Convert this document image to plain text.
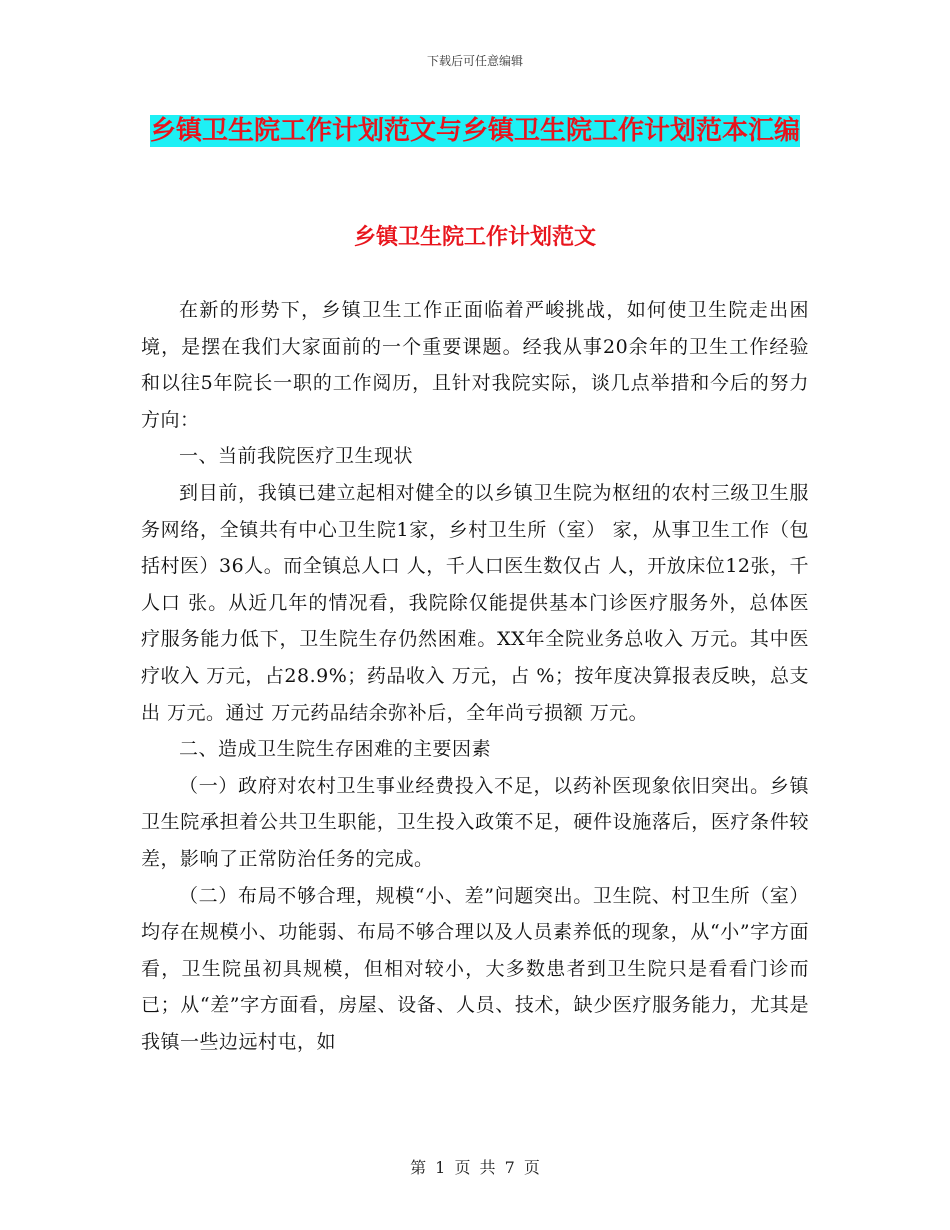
下载后可任意编辑
乡镇卫生院工作计划范文与乡镇卫生院工作计划范本汇编
乡镇卫生院工作计划范文

在新的形势下，乡镇卫生工作正面临着严峻挑战，如何使卫生院走出困境，是摆在我们大家面前的一个重要课题。经我从事20余年的卫生工作经验和以往5年院长一职的工作阅历，且针对我院实际，谈几点举措和今后的努力方向：

一、当前我院医疗卫生现状

到目前，我镇已建立起相对健全的以乡镇卫生院为枢纽的农村三级卫生服务网络，全镇共有中心卫生院1家，乡村卫生所（室） 家，从事卫生工作（包括村医）36人。而全镇总人口 人，千人口医生数仅占 人，开放床位12张，千人口 张。从近几年的情况看，我院除仅能提供基本门诊医疗服务外，总体医疗服务能力低下，卫生院生存仍然困难。XX年全院业务总收入 万元。其中医疗收入 万元，占28.9%；药品收入 万元，占 %；按年度决算报表反映，总支出 万元。通过 万元药品结余弥补后，全年尚亏损额 万元。

二、造成卫生院生存困难的主要因素

（一）政府对农村卫生事业经费投入不足，以药补医现象依旧突出。乡镇卫生院承担着公共卫生职能，卫生投入政策不足，硬件设施落后，医疗条件较差，影响了正常防治任务的完成。

（二）布局不够合理，规模“小、差”问题突出。卫生院、村卫生所（室）均存在规模小、功能弱、布局不够合理以及人员素养低的现象，从“小”字方面看，卫生院虽初具规模，但相对较小，大多数患者到卫生院只是看看门诊而已；从“差”字方面看，房屋、设备、人员、技术，缺少医疗服务能力，尤其是我镇一些边远村屯，如

第 1 页 共 7 页
